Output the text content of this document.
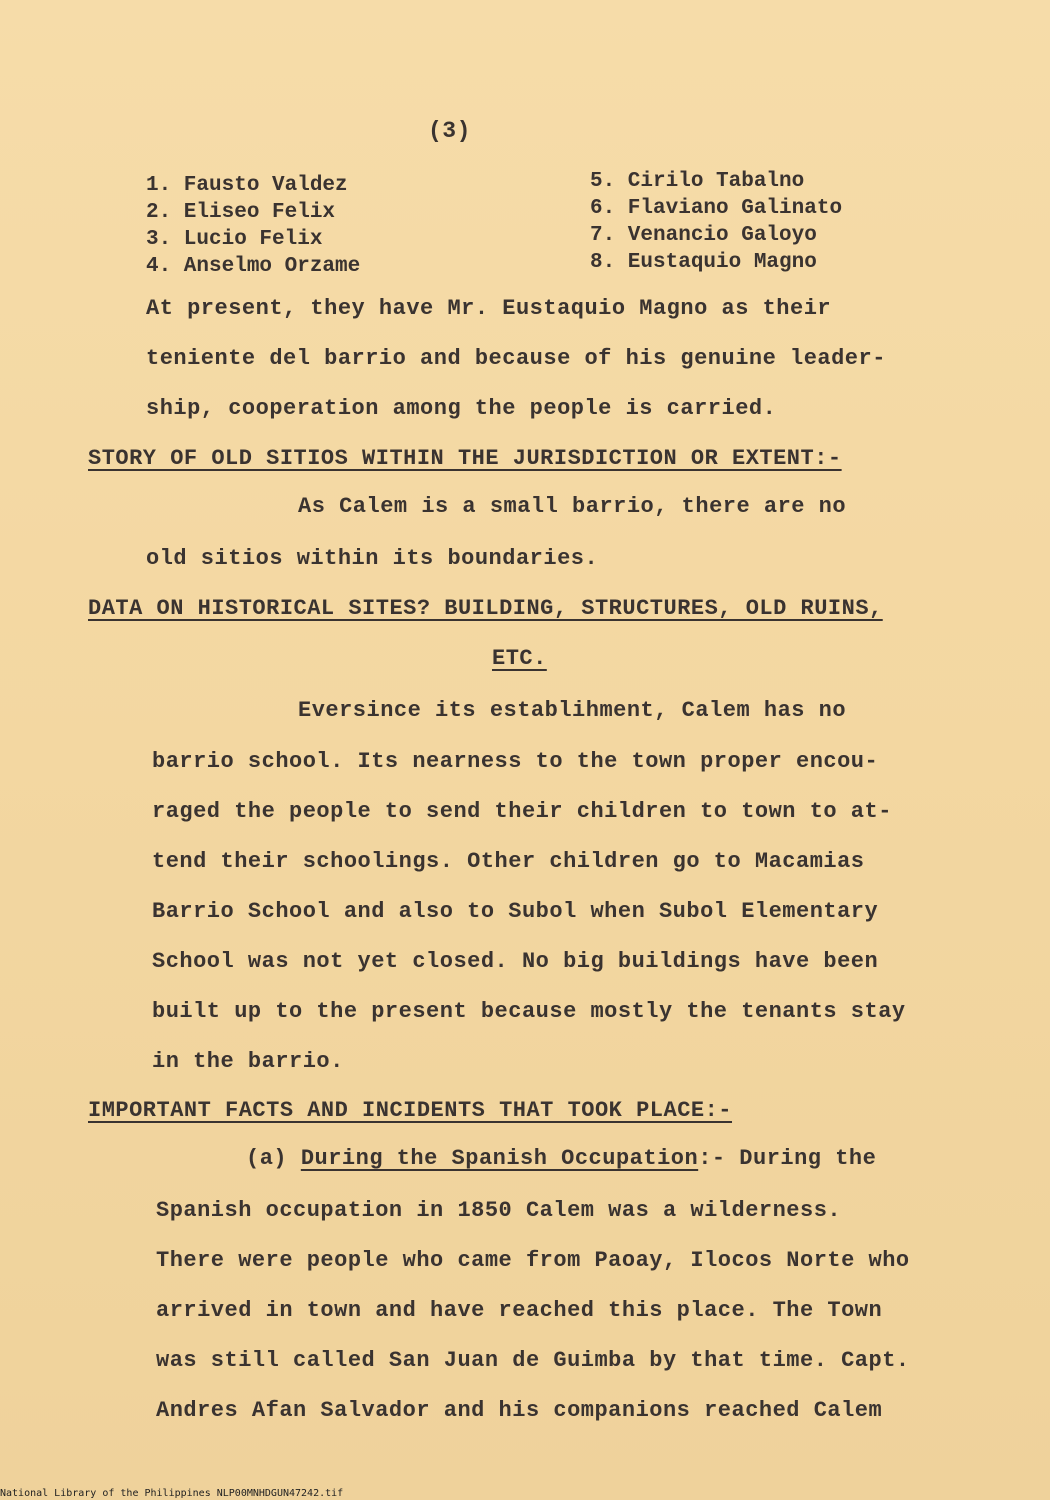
(3)
1. Fausto Valdez
2. Eliseo Felix
3. Lucio Felix
4. Anselmo Orzame
5. Cirilo Tabalno
6. Flaviano Galinato
7. Venancio Galoyo
8. Eustaquio Magno
At present, they have Mr. Eustaquio Magno as their
teniente del barrio and because of his genuine leader-
ship, cooperation among the people is carried.
STORY OF OLD SITIOS WITHIN THE JURISDICTION OR EXTENT:-
As Calem is a small barrio, there are no
old sitios within its boundaries.
DATA ON HISTORICAL SITES? BUILDING, STRUCTURES, OLD RUINS,
ETC.
Eversince its establihment, Calem has no
barrio school. Its nearness to the town proper encou-
raged the people to send their children to town to at-
tend their schoolings. Other children go to Macamias
Barrio School and also to Subol when Subol Elementary
School was not yet closed. No big buildings have been
built up to the present because mostly the tenants stay
in the barrio.
IMPORTANT FACTS AND INCIDENTS THAT TOOK PLACE:-
(a) During the Spanish Occupation:- During the
Spanish occupation in 1850 Calem was a wilderness.
There were people who came from Paoay, Ilocos Norte who
arrived in town and have reached this place. The Town
was still called San Juan de Guimba by that time. Capt.
Andres Afan Salvador and his companions reached Calem
National Library of the Philippines NLP00MNHDGUN47242.tif
